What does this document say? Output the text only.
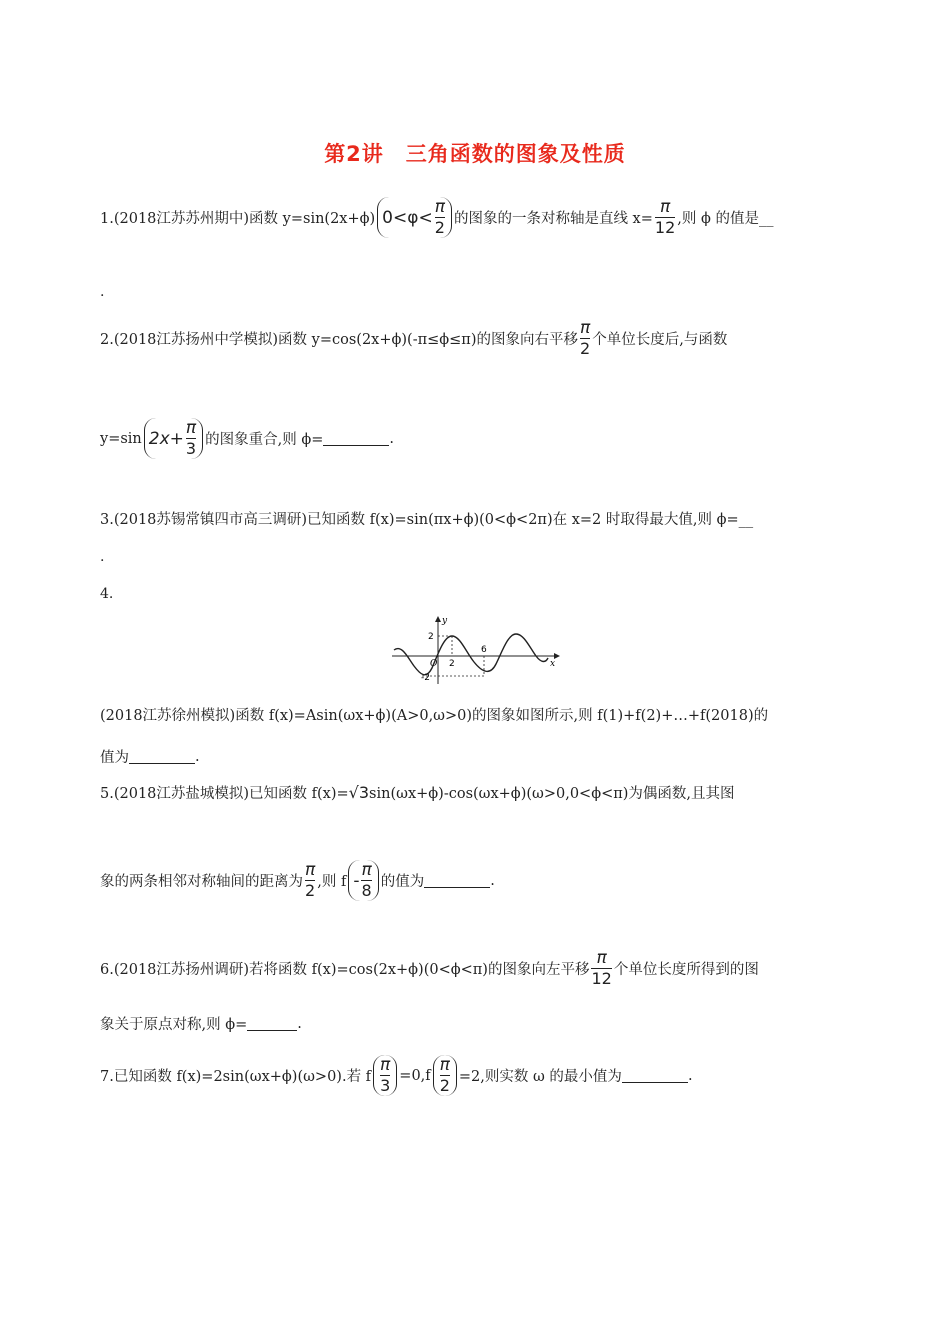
第2讲　三角函数的图象及性质
1.(2018江苏苏州期中)函数 y=sin(2x+ϕ) $0<\varphi< \frac{\pi}{2}$ 的图象的一条对称轴是直线 $x= \frac{\pi}{12}$ ,则 ϕ 的值是__
.
2.(2018江苏扬州中学模拟)函数 y=cos(2x+ϕ)(-π≤ϕ≤π)的图象向右平移 $\frac{\pi}{2}$ 个单位长度后,与函数
y=sin $2x+ \frac{\pi}{3}$ 的图象重合,则 ϕ=	.
3.(2018苏锡常镇四市高三调研)已知函数 f(x)=sin(πx+ϕ)(0<ϕ<2π)在 x=2 时取得最大值,则 ϕ=__
.
4.
y
x
2
-2
O 2
6
(2018江苏徐州模拟)函数 f(x)=Asin(ωx+ϕ)(A>0,ω>0)的图象如图所示,则 f(1)+f(2)+…+f(2018)的
值为	.
5.(2018江苏盐城模拟)已知函数 f(x)= √3 sin(ωx+ϕ)-cos(ωx+ϕ)(ω>0,0<ϕ<π)为偶函数,且其图
象的两条相邻对称轴间的距离为 $\frac{\pi}{2}$ ,则 f - $\frac{\pi}{8}$ 的值为	.
6.(2018江苏扬州调研)若将函数 f(x)=cos(2x+ϕ)(0<ϕ<π)的图象向左平移 $\frac{\pi}{12}$ 个单位长度所得到的图
象关于原点对称,则 ϕ=	.
7.已知函数 f(x)=2sin(ωx+ϕ)(ω>0).若 f $\frac{\pi}{3} =0,f \frac{\pi}{2} =2$,则实数 ω 的最小值为	.
